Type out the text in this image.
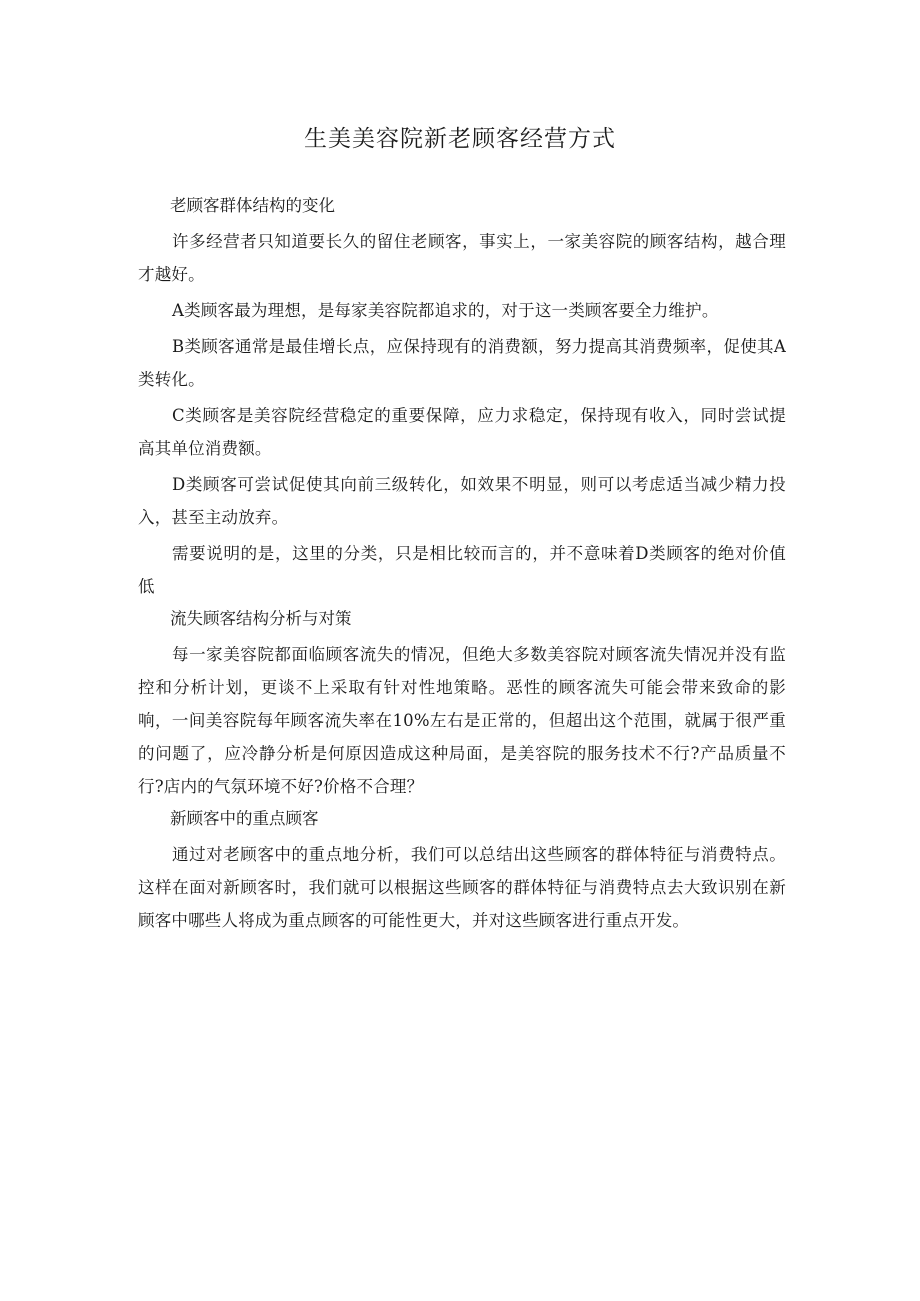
生美美容院新老顾客经营方式
老顾客群体结构的变化

许多经营者只知道要长久的留住老顾客，事实上，一家美容院的顾客结构，越合理才越好。

A类顾客最为理想，是每家美容院都追求的，对于这一类顾客要全力维护。

B类顾客通常是最佳增长点，应保持现有的消费额，努力提高其消费频率，促使其A类转化。

C类顾客是美容院经营稳定的重要保障，应力求稳定，保持现有收入，同时尝试提高其单位消费额。

D类顾客可尝试促使其向前三级转化，如效果不明显，则可以考虑适当减少精力投入，甚至主动放弃。

需要说明的是，这里的分类，只是相比较而言的，并不意味着D类顾客的绝对价值低

流失顾客结构分析与对策

每一家美容院都面临顾客流失的情况，但绝大多数美容院对顾客流失情况并没有监控和分析计划，更谈不上采取有针对性地策略。恶性的顾客流失可能会带来致命的影响，一间美容院每年顾客流失率在10%左右是正常的，但超出这个范围，就属于很严重的问题了，应冷静分析是何原因造成这种局面，是美容院的服务技术不行?产品质量不行?店内的气氛环境不好?价格不合理？

新顾客中的重点顾客

通过对老顾客中的重点地分析，我们可以总结出这些顾客的群体特征与消费特点。这样在面对新顾客时，我们就可以根据这些顾客的群体特征与消费特点去大致识别在新顾客中哪些人将成为重点顾客的可能性更大，并对这些顾客进行重点开发。
